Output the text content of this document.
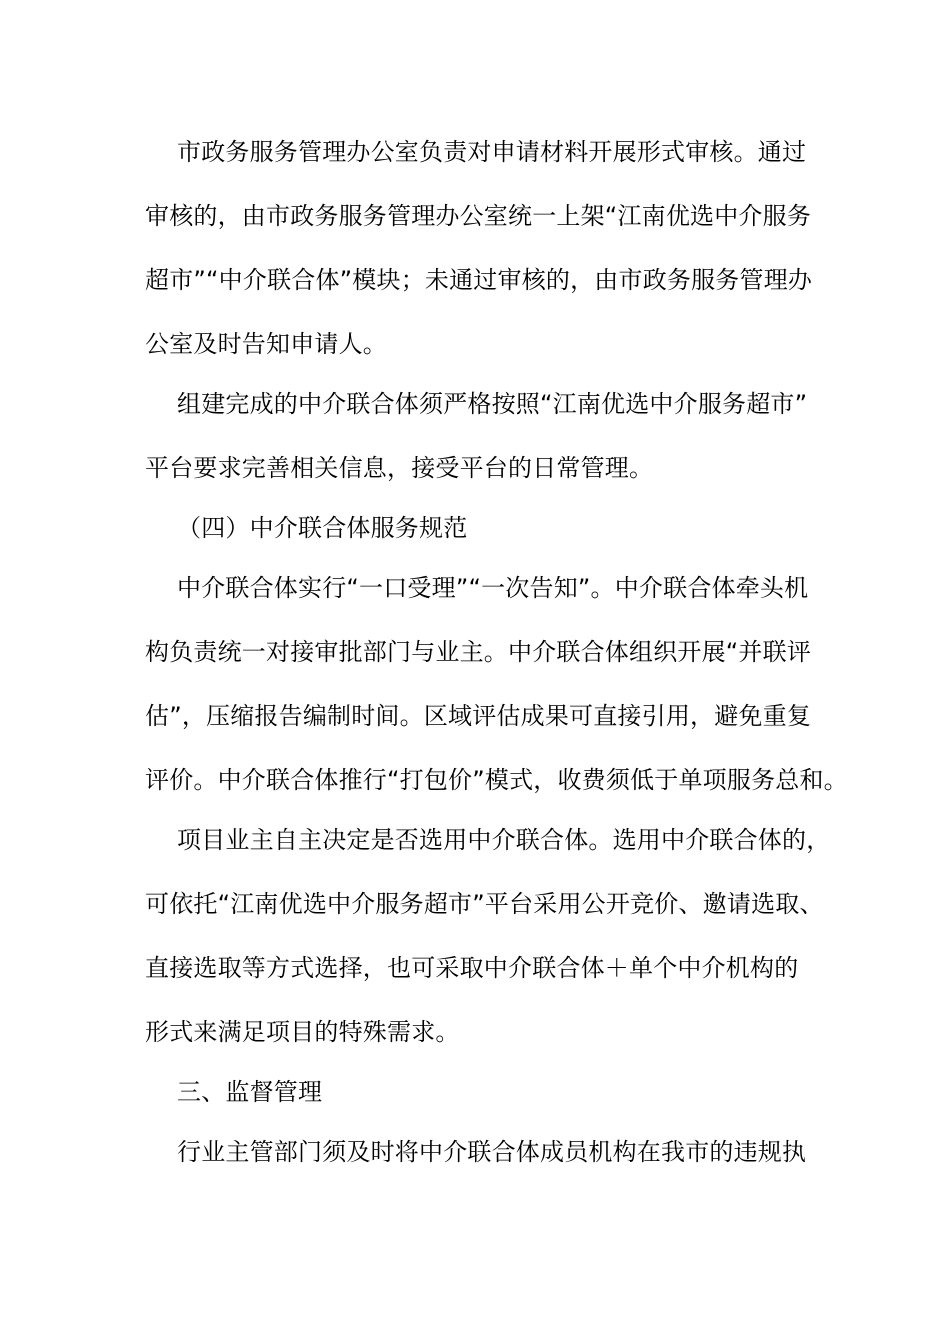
市政务服务管理办公室负责对申请材料开展形式审核。通过
审核的，由市政务服务管理办公室统一上架“江南优选中介服务
超市”“中介联合体”模块；未通过审核的，由市政务服务管理办
公室及时告知申请人。
组建完成的中介联合体须严格按照“江南优选中介服务超市”
平台要求完善相关信息，接受平台的日常管理。
（四）中介联合体服务规范
中介联合体实行“一口受理”“一次告知”。中介联合体牵头机
构负责统一对接审批部门与业主。中介联合体组织开展“并联评
估”，压缩报告编制时间。区域评估成果可直接引用，避免重复
评价。中介联合体推行“打包价”模式，收费须低于单项服务总和。
项目业主自主决定是否选用中介联合体。选用中介联合体的，
可依托“江南优选中介服务超市”平台采用公开竞价、邀请选取、
直接选取等方式选择，也可采取中介联合体＋单个中介机构的
形式来满足项目的特殊需求。
三、监督管理
行业主管部门须及时将中介联合体成员机构在我市的违规执
